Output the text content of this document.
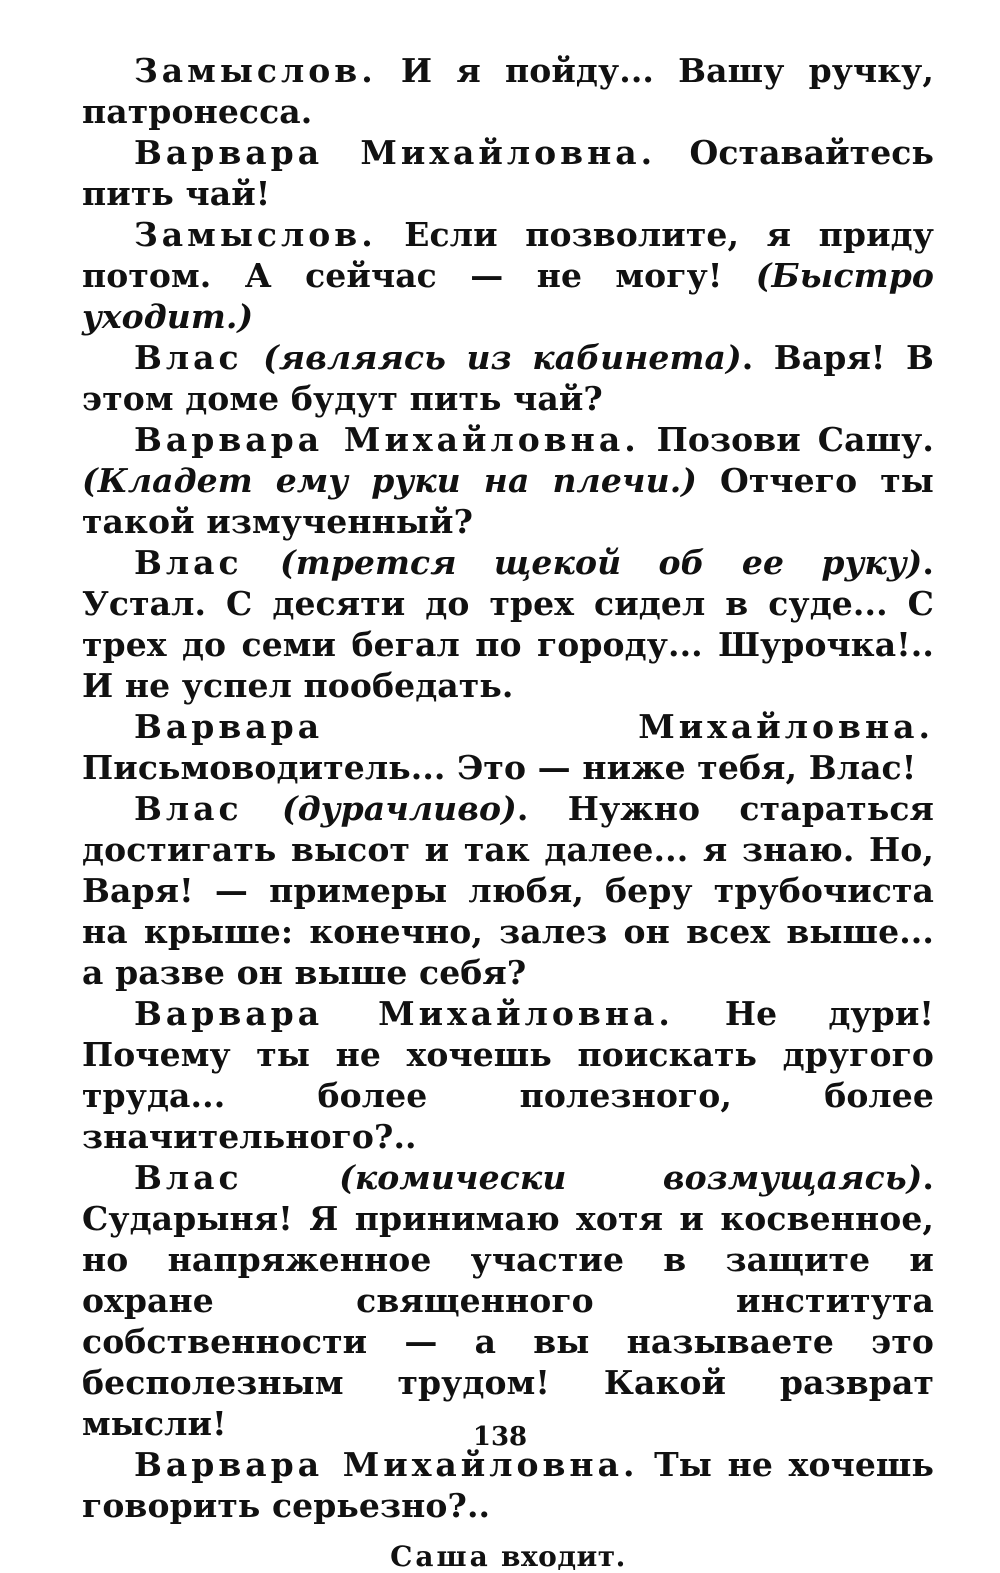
Замыслов. И я пойду... Вашу ручку, патронесса.

Варвара Михайловна. Оставайтесь пить чай!

Замыслов. Если позволите, я приду потом. А сейчас — не могу! (Быстро уходит.)

Влас (являясь из кабинета). Варя! В этом доме будут пить чай?

Варвара Михайловна. Позови Сашу. (Кладет ему руки на плечи.) Отчего ты такой измученный?

Влас (трется щекой об ее руку). Устал. С десяти до трех сидел в суде... С трех до семи бегал по городу... Шурочка!.. И не успел пообедать.

Варвара Михайловна. Письмоводитель... Это — ниже тебя, Влас!

Влас (дурачливо). Нужно стараться достигать высот и так далее... я знаю. Но, Варя! — примеры любя, беру трубочиста на крыше: конечно, залез он всех выше... а разве он выше себя?

Варвара Михайловна. Не дури! Почему ты не хочешь поискать другого труда... более полезного, более значительного?..

Влас	(комически возмущаясь). Сударыня! Я принимаю хотя и косвенное, но напряженное участие в защите и охране священного института собственности — а вы называете это бесполезным трудом! Какой разврат мысли!

Варвара Михайловна. Ты не хочешь говорить серьезно?..

Саша входит.
138
